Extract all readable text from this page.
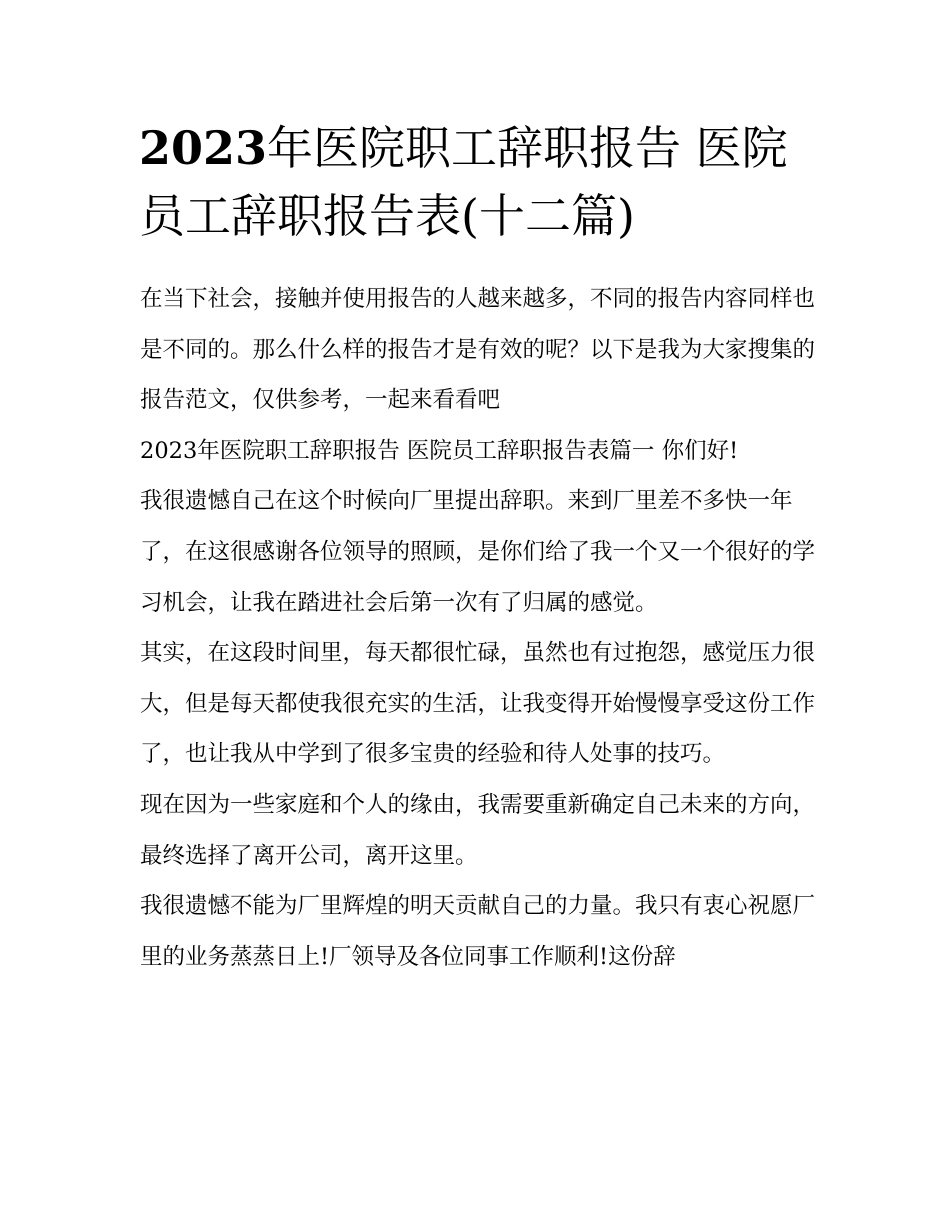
2023年医院职工辞职报告 医院员工辞职报告表(十二篇)

在当下社会，接触并使用报告的人越来越多，不同的报告内容同样也是不同的。那么什么样的报告才是有效的呢？以下是我为大家搜集的报告范文，仅供参考，一起来看看吧

2023年医院职工辞职报告 医院员工辞职报告表篇一 你们好!

我很遗憾自己在这个时候向厂里提出辞职。来到厂里差不多快一年了，在这很感谢各位领导的照顾，是你们给了我一个又一个很好的学习机会，让我在踏进社会后第一次有了归属的感觉。

其实，在这段时间里，每天都很忙碌，虽然也有过抱怨，感觉压力很大，但是每天都使我很充实的生活，让我变得开始慢慢享受这份工作了，也让我从中学到了很多宝贵的经验和待人处事的技巧。

现在因为一些家庭和个人的缘由，我需要重新确定自己未来的方向，最终选择了离开公司，离开这里。

我很遗憾不能为厂里辉煌的明天贡献自己的力量。我只有衷心祝愿厂里的业务蒸蒸日上!厂领导及各位同事工作顺利!这份辞
